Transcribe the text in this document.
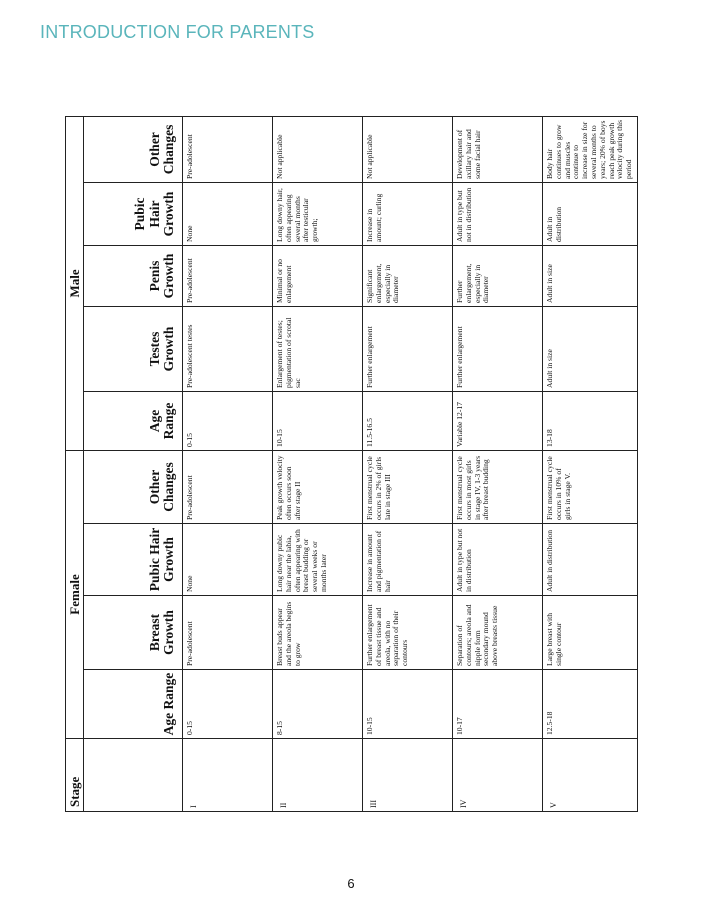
INTRODUCTION FOR PARENTS
Stage	Female				Male				
	Age Range	Breast Growth	Pubic Hair Growth	Other Changes	Age Range	Testes Growth	Penis Growth	Pubic Hair Growth	Other Changes
I	0-15	Pre-adolescent	None	Pre-adolescent	0-15	Pre-adolescent testes	Pre-adolescent	None	Pre-adolescent
II	8-15	Breast buds appear and the areola begins to grow	Long downy pubic hair near the labia, often appearing with breast budding or several weeks or months later	Peak growth velocity often occurs soon after stage II	10-15	Enlargement of testes; pigmentation of scrotal sac	Minimal or no enlargement	Long downy hair, often appearing several months after testicular growth;	Not applicable
III	10-15	Further enlargement of breast tissue and areola, with no separation of their contours	Increase in amount and pigmentation of hair	First menstrual cycle occurs in 2% of girls late in stage III	11.5-16.5	Further enlargement	Significant enlargement, especially in diameter	Increase in amount; curling	Not applicable
IV	10-17	Separation of contours; areola and nipple form secondary mound above breasts tissue	Adult in type but not in distribution	First menstrual cycle occurs in most girls in stage IV, 1-3 years after breast budding	Variable 12-17	Further enlargement	Further enlargement, especially in diameter	Adult in type but not in distribution	Development of axillary hair and some facial hair
V	12.5-18	Large breast with single contour	Adult in distribution	First menstrual cycle occurs in 10% of girls in stage V.	13-18	Adult in size	Adult in size	Adult in distribution	Body hair continues to grow and muscles continue to increase in size for several months to years; 20% of boys reach peak growth velocity during this period
6
